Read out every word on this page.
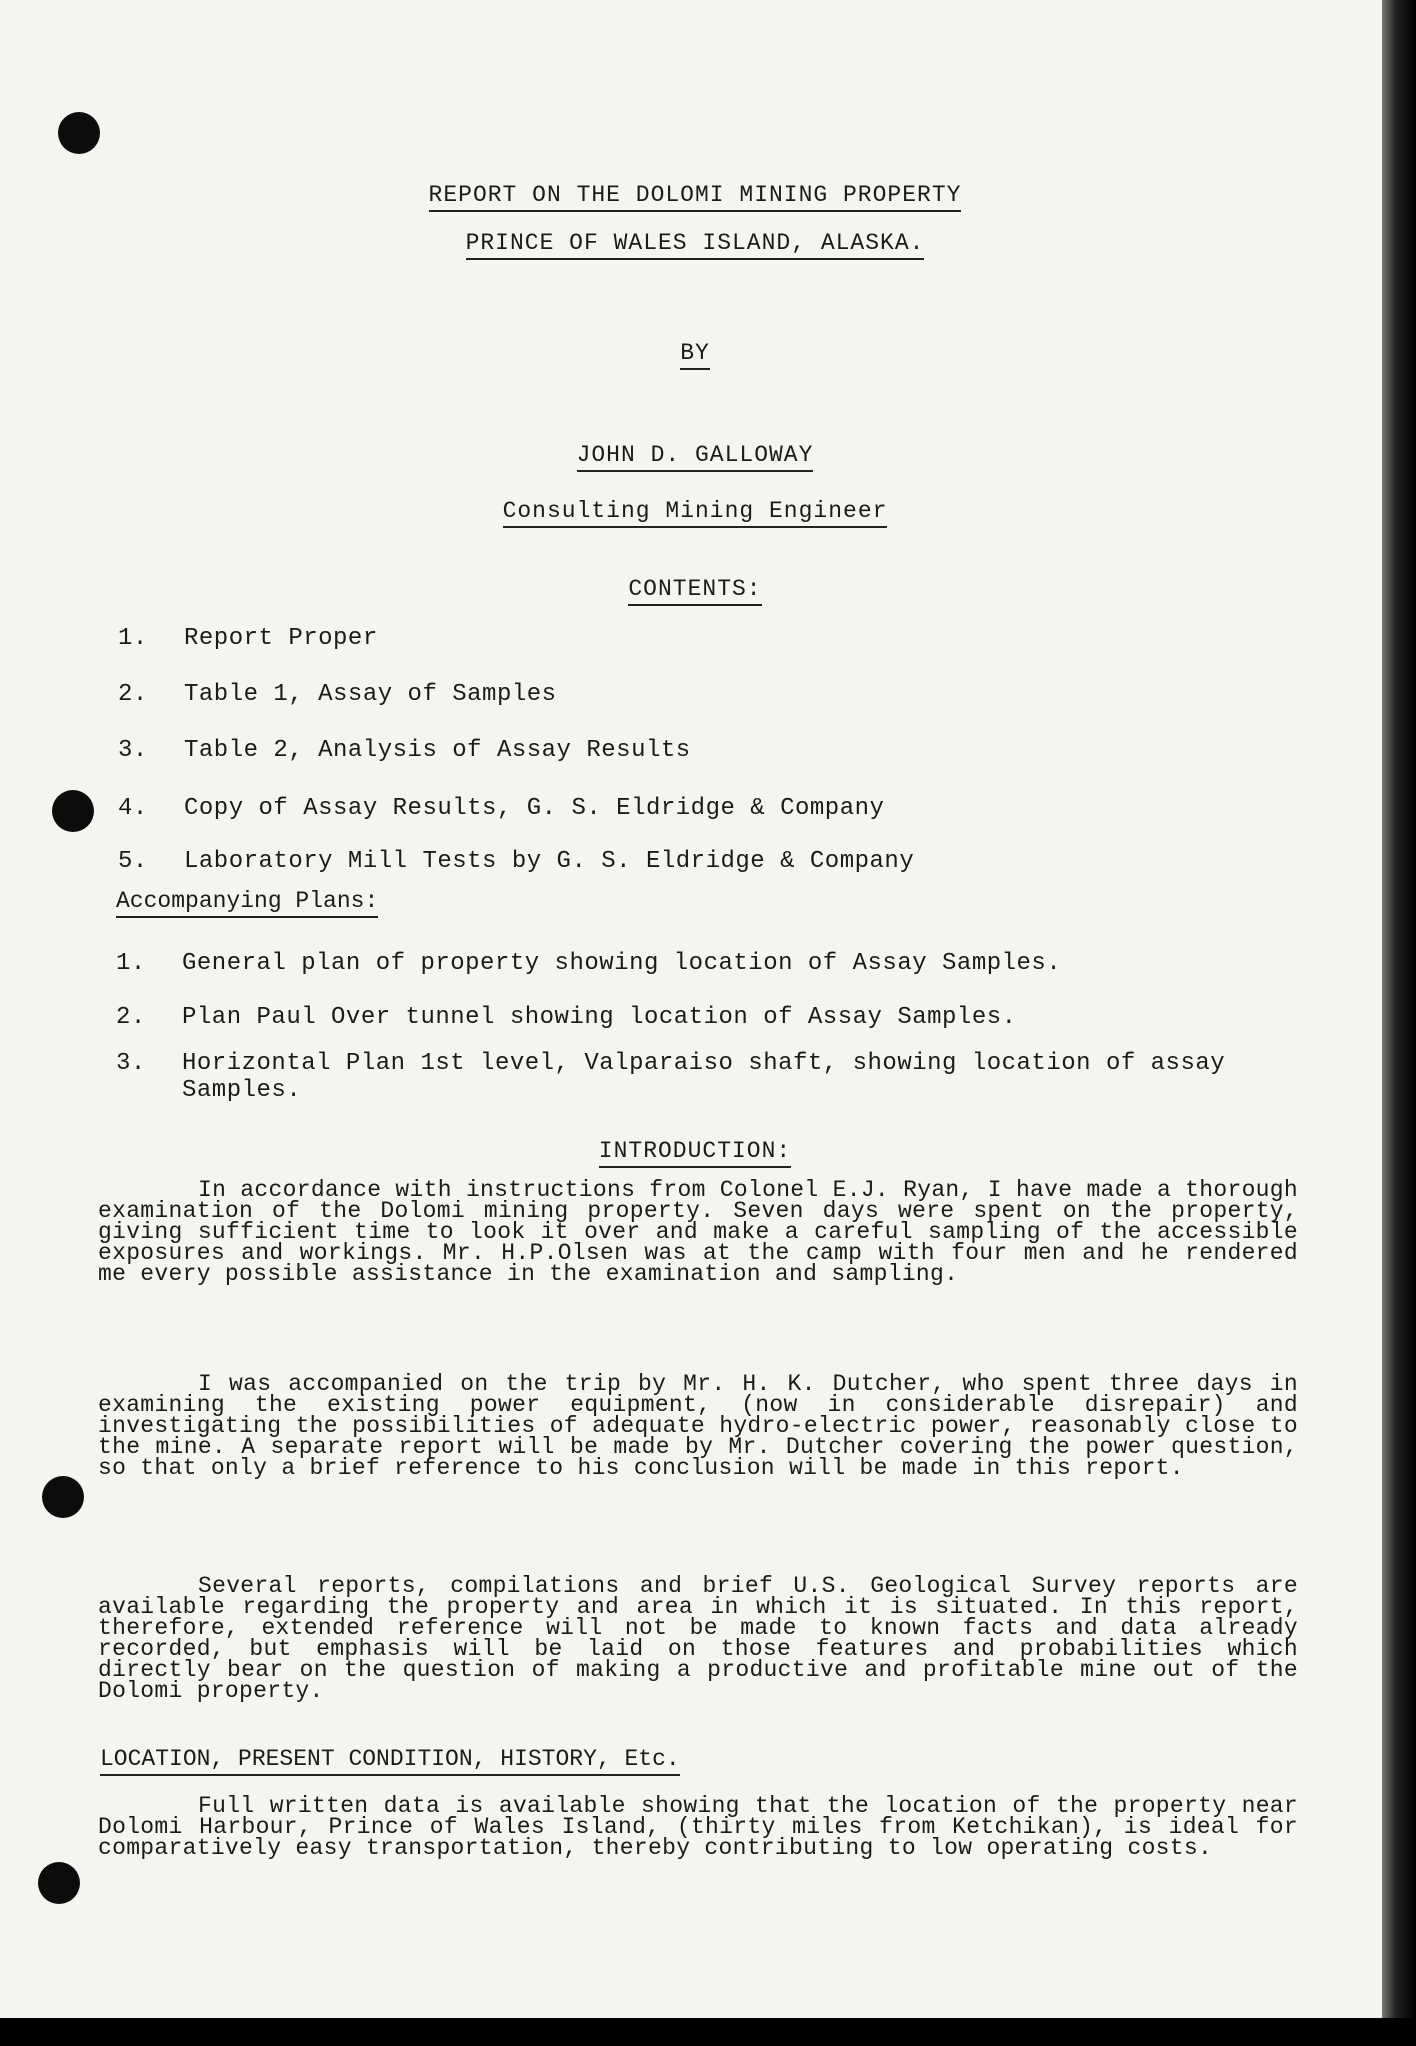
REPORT ON THE DOLOMI MINING PROPERTY
PRINCE OF WALES ISLAND, ALASKA.
BY
JOHN D. GALLOWAY
Consulting Mining Engineer
CONTENTS:
1. Report Proper
2. Table 1, Assay of Samples
3. Table 2, Analysis of Assay Results
4. Copy of Assay Results, G. S. Eldridge & Company
5. Laboratory Mill Tests by G. S. Eldridge & Company
Accompanying Plans:
1. General plan of property showing location of Assay Samples.
2. Plan Paul Over tunnel showing location of Assay Samples.
3. Horizontal Plan 1st level, Valparaiso shaft, showing location of assay Samples.
INTRODUCTION:
In accordance with instructions from Colonel E.J. Ryan, I have made a thorough examination of the Dolomi mining property. Seven days were spent on the property, giving sufficient time to look it over and make a careful sampling of the accessible exposures and workings. Mr. H.P.Olsen was at the camp with four men and he rendered me every possible assistance in the examination and sampling.
I was accompanied on the trip by Mr. H. K. Dutcher, who spent three days in examining the existing power equipment, (now in considerable disrepair) and investigating the possibilities of adequate hydro-electric power, reasonably close to the mine. A separate report will be made by Mr. Dutcher covering the power question, so that only a brief reference to his conclusion will be made in this report.
Several reports, compilations and brief U.S. Geological Survey reports are available regarding the property and area in which it is situated. In this report, therefore, extended reference will not be made to known facts and data already recorded, but emphasis will be laid on those features and probabilities which directly bear on the question of making a productive and profitable mine out of the Dolomi property.
LOCATION, PRESENT CONDITION, HISTORY, Etc.
Full written data is available showing that the location of the property near Dolomi Harbour, Prince of Wales Island, (thirty miles from Ketchikan), is ideal for comparatively easy transportation, thereby contributing to low operating costs.
